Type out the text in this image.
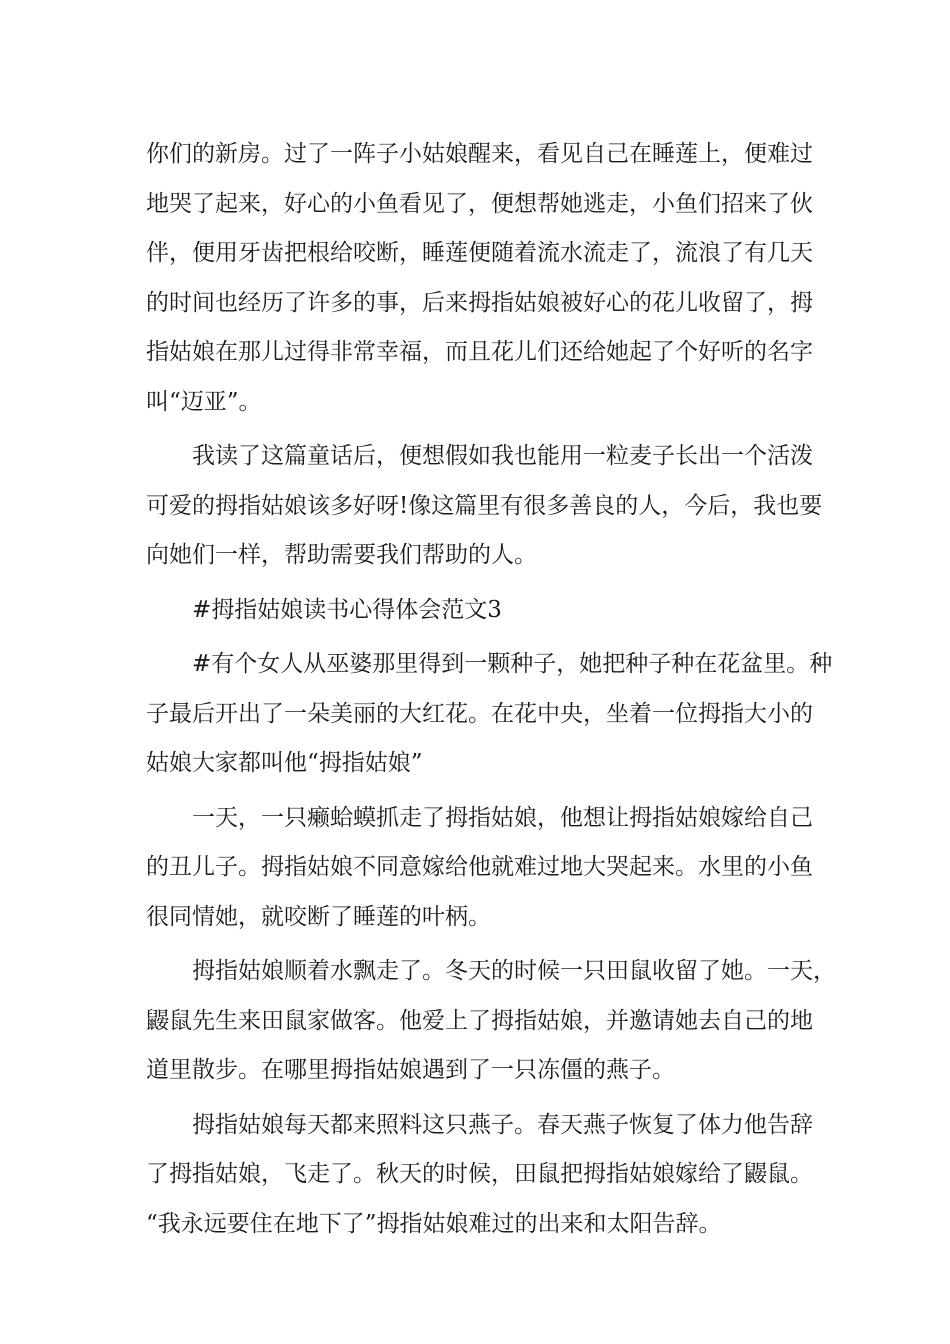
你们的新房。过了一阵子小姑娘醒来，看见自己在睡莲上，便难过
地哭了起来，好心的小鱼看见了，便想帮她逃走，小鱼们招来了伙
伴，便用牙齿把根给咬断，睡莲便随着流水流走了，流浪了有几天
的时间也经历了许多的事，后来拇指姑娘被好心的花儿收留了，拇
指姑娘在那儿过得非常幸福，而且花儿们还给她起了个好听的名字
叫“迈亚”。
我读了这篇童话后，便想假如我也能用一粒麦子长出一个活泼
可爱的拇指姑娘该多好呀!像这篇里有很多善良的人，今后，我也要
向她们一样，帮助需要我们帮助的人。
#拇指姑娘读书心得体会范文3
#有个女人从巫婆那里得到一颗种子，她把种子种在花盆里。种
子最后开出了一朵美丽的大红花。在花中央，坐着一位拇指大小的
姑娘大家都叫他“拇指姑娘”
一天，一只癞蛤蟆抓走了拇指姑娘，他想让拇指姑娘嫁给自己
的丑儿子。拇指姑娘不同意嫁给他就难过地大哭起来。水里的小鱼
很同情她，就咬断了睡莲的叶柄。
拇指姑娘顺着水飘走了。冬天的时候一只田鼠收留了她。一天，
鼹鼠先生来田鼠家做客。他爱上了拇指姑娘，并邀请她去自己的地
道里散步。在哪里拇指姑娘遇到了一只冻僵的燕子。
拇指姑娘每天都来照料这只燕子。春天燕子恢复了体力他告辞
了拇指姑娘，飞走了。秋天的时候，田鼠把拇指姑娘嫁给了鼹鼠。
“我永远要住在地下了”拇指姑娘难过的出来和太阳告辞。
